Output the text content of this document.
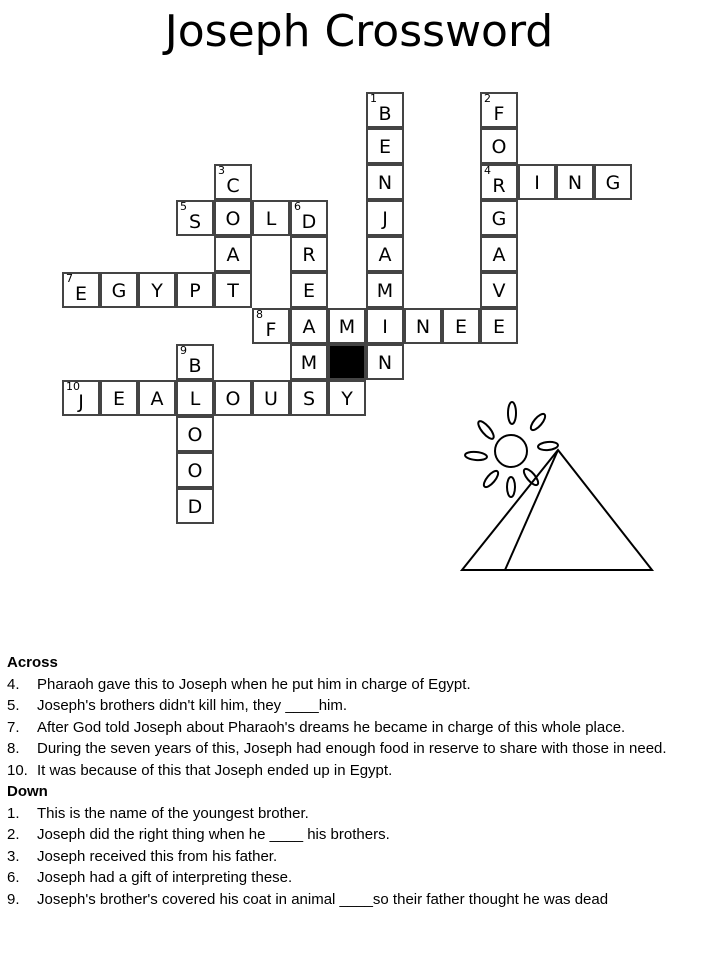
Joseph Crossword
1
B
2
F
E	O
3
C	N
4
R	I	N	G
5
S	O	L
6
D	J	G
A	R	A	A
7
E	G	Y	P	T	E	M	V
8
F	A	M	I	N	E	E
9
B	M	N
10
J	E	A	L	O	U	S	Y
O
O
D
Across
4.	Pharaoh gave this to Joseph when he put him in charge of Egypt.
5.	Joseph's brothers didn't kill him, they ____him.
7.	After God told Joseph about Pharaoh's dreams he became in charge of this whole place.
8.	During the seven years of this, Joseph had enough food in reserve to share with those in need.
10. It was because of this that Joseph ended up in Egypt.
Down
1.	This is the name of the youngest brother.
2.	Joseph did the right thing when he ____ his brothers.
3.	Joseph received this from his father.
6.	Joseph had a gift of interpreting these.
9.	Joseph's brother's covered his coat in animal ____so their father thought he was dead
